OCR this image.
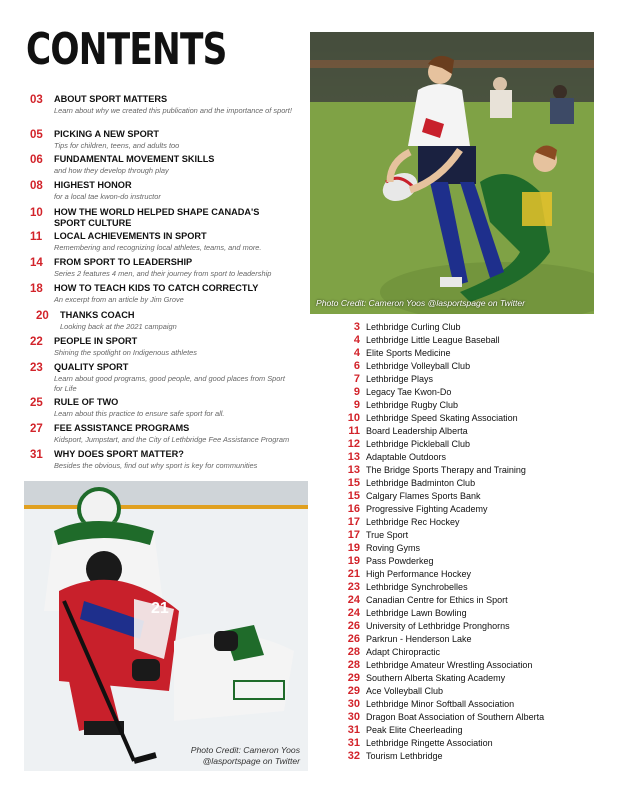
CONTENTS
03	ABOUT SPORT MATTERS
Learn about why we created this publication and the importance of sport!
05	PICKING A NEW SPORT
Tips for children, teens, and adults too
06	FUNDAMENTAL MOVEMENT SKILLS
and how they develop through play
08	HIGHEST HONOR
for a local tae kwon-do instructor
10	HOW THE WORLD HELPED SHAPE CANADA'S SPORT CULTURE
11	LOCAL ACHIEVEMENTS IN SPORT
Remembering and recognizing local athletes, teams, and more.
14	FROM SPORT TO LEADERSHIP
Series 2 features 4 men, and their journey from sport to leadership
18	HOW TO TEACH KIDS TO CATCH CORRECTLY
An excerpt from an article by Jim Grove
20	THANKS COACH
Looking back at the 2021 campaign
22	PEOPLE IN SPORT
Shining the spotlight on Indigenous athletes
23	QUALITY SPORT
Learn about good programs, good people, and good places from Sport for Life
25	RULE OF TWO
Learn about this practice to ensure safe sport for all.
27	FEE ASSISTANCE PROGRAMS
Kidsport, Jumpstart, and the City of Lethbridge Fee Assistance Program
31	WHY DOES SPORT MATTER?
Besides the obvious, find out why sport is key for communities
Photo Credit: Cameron Yoos @lasportspage on Twitter
21
Photo Credit: Cameron Yoos
@lasportspage on Twitter
3 Lethbridge Curling Club
4 Lethbridge Little League Baseball
4 Elite Sports Medicine
6 Lethbridge Volleyball Club
7 Lethbridge Plays
9 Legacy Tae Kwon-Do
9 Lethbridge Rugby Club
10 Lethbridge Speed Skating Association
11 Board Leadership Alberta
12 Lethbridge Pickleball Club
13 Adaptable Outdoors
13 The Bridge Sports Therapy and Training
15 Lethbridge Badminton Club
15 Calgary Flames Sports Bank
16 Progressive Fighting Academy
17 Lethbridge Rec Hockey
17 True Sport
19 Roving Gyms
19 Pass Powderkeg
21 High Performance Hockey
23 Lethbridge Synchrobelles
24 Canadian Centre for Ethics in Sport
24 Lethbridge Lawn Bowling
26 University of Lethbridge Pronghorns
26 Parkrun - Henderson Lake
28 Adapt Chiropractic
28 Lethbridge Amateur Wrestling Association
29 Southern Alberta Skating Academy
29 Ace Volleyball Club
30 Lethbridge Minor Softball Association
30 Dragon Boat Association of Southern Alberta
31 Peak Elite Cheerleading
31 Lethbridge Ringette Association
32 Tourism Lethbridge
